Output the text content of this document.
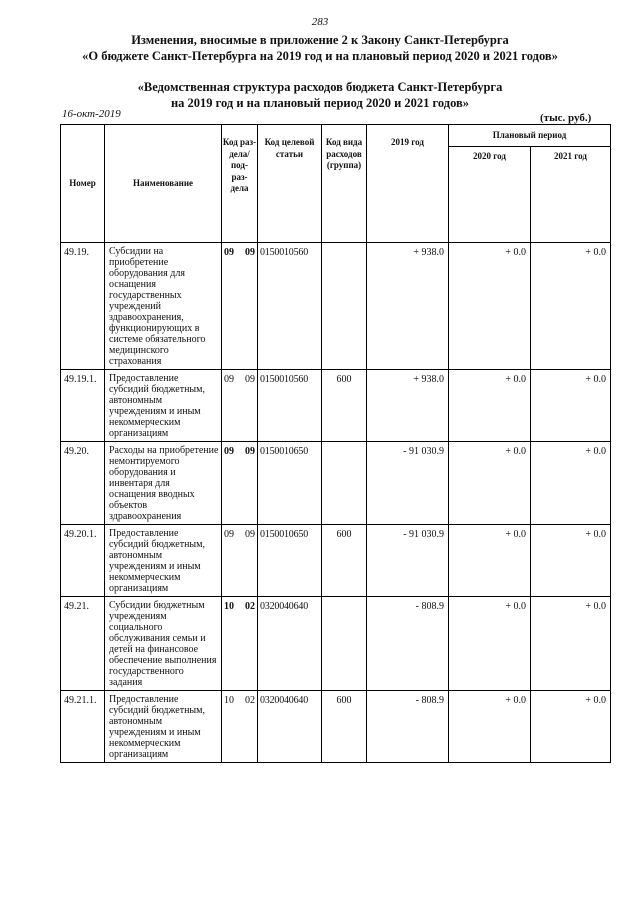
283
Изменения, вносимые в приложение 2 к Закону Санкт-Петербурга
«О бюджете Санкт-Петербурга на 2019 год и на плановый период 2020 и 2021 годов»
«Ведомственная структура расходов бюджета Санкт-Петербурга
на 2019 год и на плановый период 2020 и 2021 годов»
16-окт-2019	(тыс. руб.)
Номер	Наименование	Код раз- дела/ под- раз- дела	Код целевой статьи	Код вида расходов (группа)	2019 год	Плановый период	
						2020 год	2021 год
49.19.	Субсидии на приобретение оборудования для оснащения государственных учреждений здравоохранения, функционирующих в системе обязательного медицинского страхования	09 09	0150010560		+ 938.0	+ 0.0	+ 0.0
49.19.1.	Предоставление субсидий бюджетным, автономным учреждениям и иным некоммерческим организациям	09 09	0150010560	600	+ 938.0	+ 0.0	+ 0.0
49.20.	Расходы на приобретение немонтируемого оборудования и инвентаря для оснащения вводных объектов здравоохранения	09 09	0150010650		- 91 030.9	+ 0.0	+ 0.0
49.20.1.	Предоставление субсидий бюджетным, автономным учреждениям и иным некоммерческим организациям	09 09	0150010650	600	- 91 030.9	+ 0.0	+ 0.0
49.21.	Субсидии бюджетным учреждениям социального обслуживания семьи и детей на финансовое обеспечение выполнения государственного задания	10 02	0320040640		- 808.9	+ 0.0	+ 0.0
49.21.1.	Предоставление субсидий бюджетным, автономным учреждениям и иным некоммерческим организациям	10 02	0320040640	600	- 808.9	+ 0.0	+ 0.0
